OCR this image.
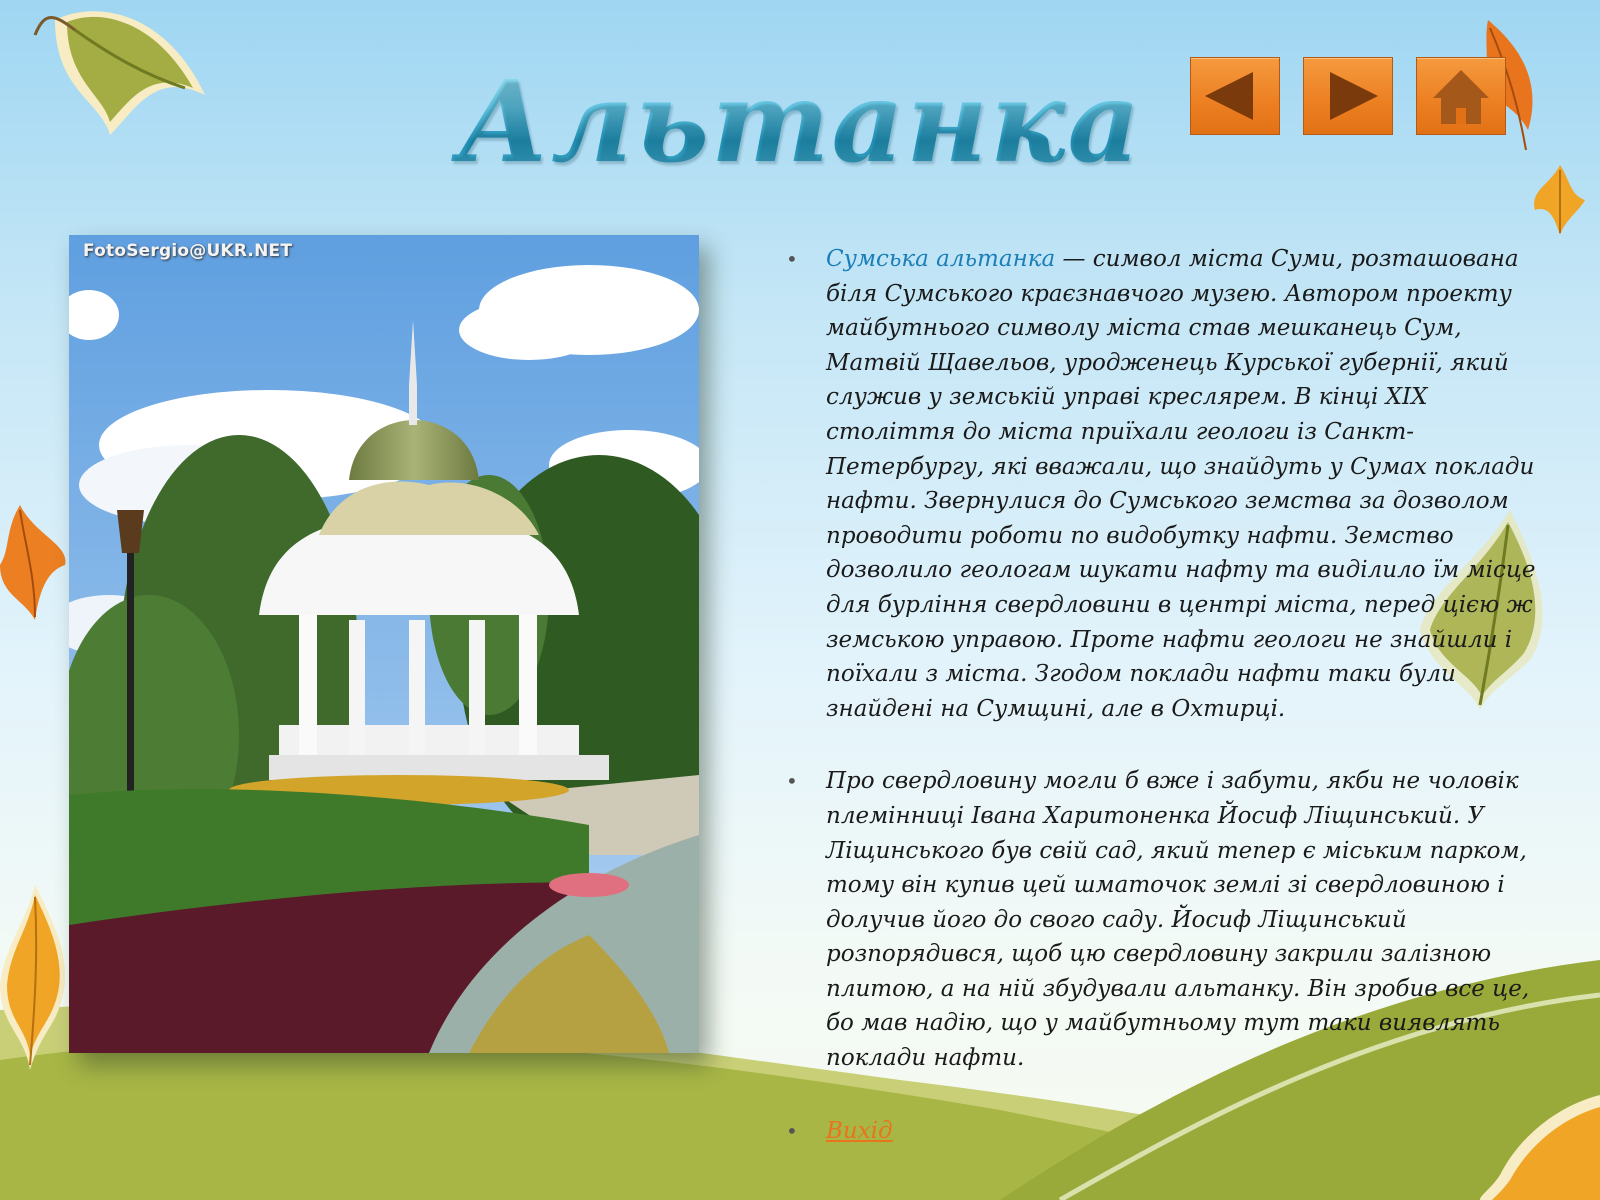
Альтанка
FotoSergio@UKR.NET	• Сумська альтанка — символ міста Суми, розташована біля Сумського краєзнавчого музею. Автором проекту майбутнього символу міста став мешканець Сум, Матвій Щавельов, уродженець Курської губернії, який служив у земській управі креслярем. В кінці ХІХ століття до міста приїхали геологи із Санкт-Петербургу, які вважали, що знайдуть у Сумах поклади нафти. Звернулися до Сумського земства за дозволом проводити роботи по видобутку нафти. Земство дозволило геологам шукати нафту та виділило їм місце для бурління свердловини в центрі міста, перед цією ж земською управою. Проте нафти геологи не знайшли і поїхали з міста. Згодом поклади нафти таки були знайдені на Сумщині, але в Охтирці.
• Про свердловину могли б вже і забути, якби не чоловік племінниці Івана Харитоненка Йосиф Ліщинський. У Ліщинського був свій сад, який тепер є міським парком, тому він купив цей шматочок землі зі свердловиною і долучив його до свого саду. Йосиф Ліщинський розпорядився, щоб цю свердловину закрили залізною плитою, а на ній збудували альтанку. Він зробив все це, бо мав надію, що у майбутньому тут таки виявлять поклади нафти.
• Вихід
